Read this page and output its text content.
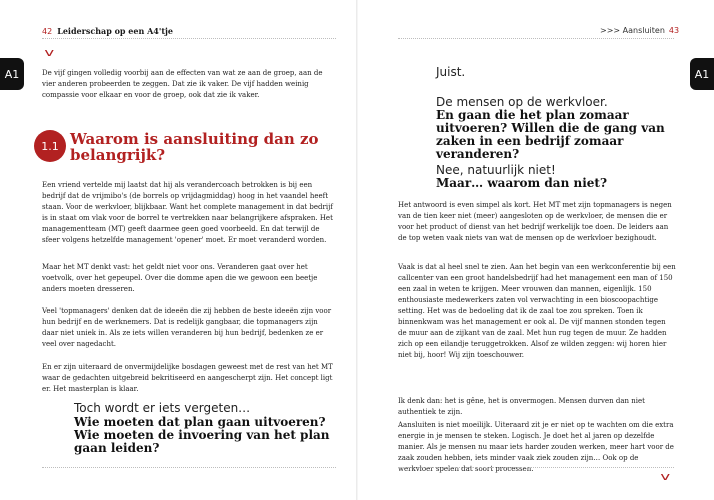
42 Leiderschap op een A4'tje
v
A1	De vijf gingen volledig voorbij aan de effecten van wat ze aan de groep, aan de vier anderen probeerden te zeggen. Dat zie ik vaker. De vijf hadden weinig compassie voor elkaar en voor de groep, ook dat zie ik vaker.

1.1 Waarom is aansluiting dan zo belangrijk?

Een vriend vertelde mij laatst dat hij als verandercoach betrokken is bij een bedrijf dat de vrijmibo's (de borrels op vrijdagmiddag) hoog in het vaandel heeft staan. Voor de werkvloer, blijkbaar. Want het complete management in dat bedrijf is in staat om vlak voor de borrel te vertrekken naar belangrijkere afspraken. Het managementteam (MT) geeft daarmee geen goed voorbeeld. En dat terwijl de sfeer volgens hetzelfde management 'opener' moet. Er moet veranderd worden.

Maar het MT denkt vast: het geldt niet voor ons. Veranderen gaat over het voetvolk, over het gepeupel. Over die domme apen die we gewoon een beetje anders moeten dresseren.

Veel 'topmanagers' denken dat de ideeën die zij hebben de beste ideeën zijn voor hun bedrijf en de werknemers. Dat is redelijk gangbaar, die topmanagers zijn daar niet uniek in. Als ze iets willen veranderen bij hun bedrijf, bedenken ze er veel over nagedacht.

En er zijn uiteraard de onvermijdelijke bosdagen geweest met de rest van het MT waar de gedachten uitgebreid bekritiseerd en aangescherpt zijn. Het concept ligt er. Het masterplan is klaar.

Toch wordt er iets vergeten…

Wie moeten dat plan gaan uitvoeren? Wie moeten de invoering van het plan gaan leiden?

>>> Aansluiten 43
A1

Juist.

De mensen op de werkvloer.

En gaan die het plan zomaar uitvoeren? Willen die de gang van zaken in een bedrijf zomaar veranderen?

Nee, natuurlijk niet!

Maar… waarom dan niet?

Het antwoord is even simpel als kort. Het MT met zijn topmanagers is negen van de tien keer niet (meer) aangesloten op de werkvloer, de mensen die er voor het product of dienst van het bedrijf werkelijk toe doen. De leiders aan de top weten vaak niets van wat de mensen op de werkvloer bezighoudt.

Vaak is dat al heel snel te zien. Aan het begin van een werkconferentie bij een callcenter van een groot handelsbedrijf had het management een man of 150 een zaal in weten te krijgen. Meer vrouwen dan mannen, eigenlijk. 150 enthousiaste medewerkers zaten vol verwachting in een bioscoopachtige setting. Het was de bedoeling dat ik de zaal toe zou spreken. Toen ik binnenkwam was het management er ook al. De vijf mannen stonden tegen de muur aan de zijkant van de zaal. Met hun rug tegen de muur. Ze hadden zich op een eilandje teruggetrokken. Alsof ze wilden zeggen: wij horen hier niet bij, hoor! Wij zijn toeschouwer.

Ik denk dan: het is gêne, het is onvermogen. Mensen durven dan niet authentiek te zijn.

Aansluiten is niet moeilijk. Uiteraard zit je er niet op te wachten om die extra energie in je mensen te steken. Logisch. Je doet het al jaren op dezelfde manier. Als je mensen nu maar iets harder zouden werken, meer hart voor de zaak zouden hebben, iets minder vaak ziek zouden zijn… Ook op de werkvloer spelen dat soort processen.

v
